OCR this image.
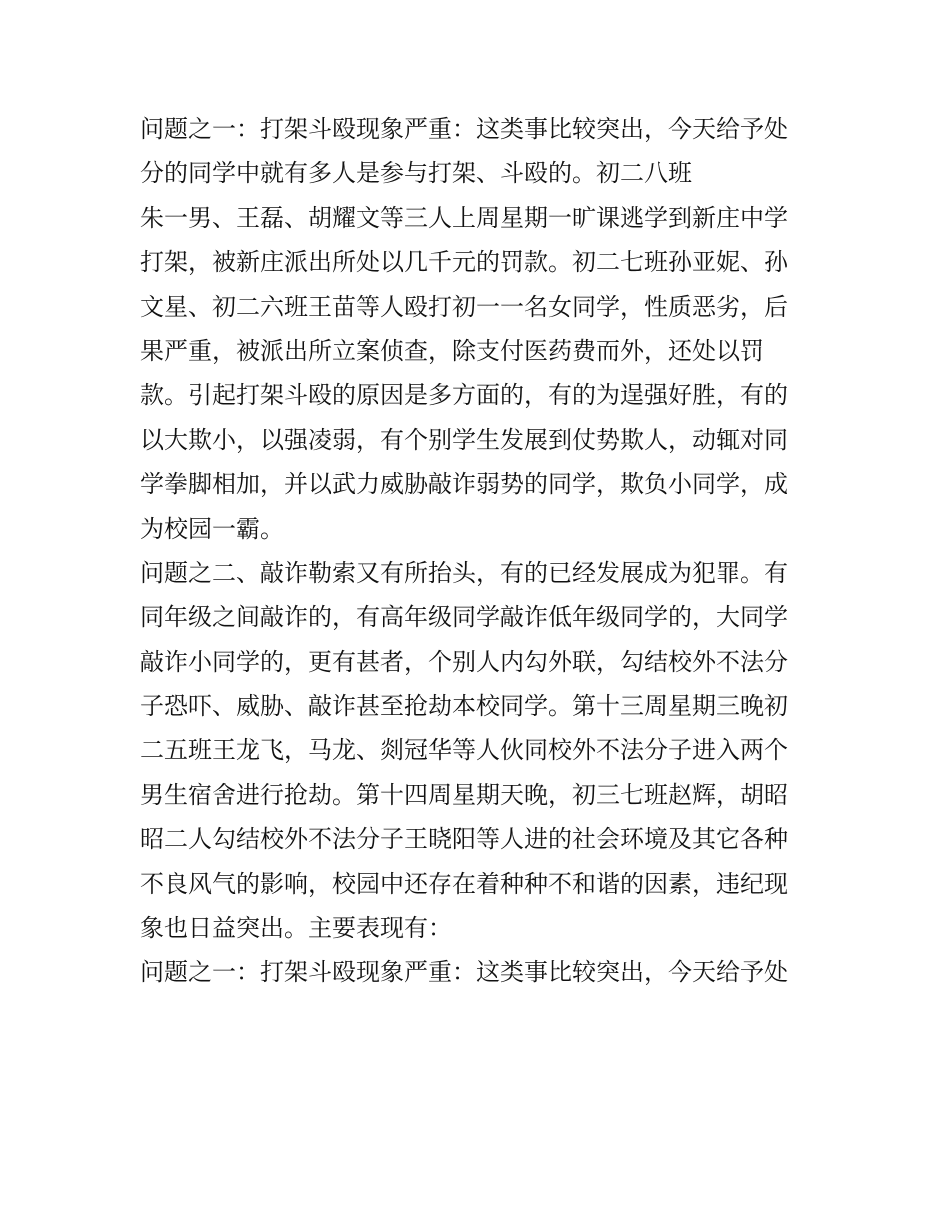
问题之一：打架斗殴现象严重：这类事比较突出，今天给予处
分的同学中就有多人是参与打架、斗殴的。初二八班
朱一男、王磊、胡耀文等三人上周星期一旷课逃学到新庄中学
打架，被新庄派出所处以几千元的罚款。初二七班孙亚妮、孙
文星、初二六班王苗等人殴打初一一名女同学，性质恶劣，后
果严重，被派出所立案侦查，除支付医药费而外，还处以罚
款。引起打架斗殴的原因是多方面的，有的为逞强好胜，有的
以大欺小，以强凌弱，有个别学生发展到仗势欺人，动辄对同
学拳脚相加，并以武力威胁敲诈弱势的同学，欺负小同学，成
为校园一霸。
问题之二、敲诈勒索又有所抬头，有的已经发展成为犯罪。有
同年级之间敲诈的，有高年级同学敲诈低年级同学的，大同学
敲诈小同学的，更有甚者，个别人内勾外联，勾结校外不法分
子恐吓、威胁、敲诈甚至抢劫本校同学。第十三周星期三晚初
二五班王龙飞，马龙、剡冠华等人伙同校外不法分子进入两个
男生宿舍进行抢劫。第十四周星期天晚，初三七班赵辉，胡昭
昭二人勾结校外不法分子王晓阳等人进的社会环境及其它各种
不良风气的影响，校园中还存在着种种不和谐的因素，违纪现
象也日益突出。主要表现有：
问题之一：打架斗殴现象严重：这类事比较突出，今天给予处
